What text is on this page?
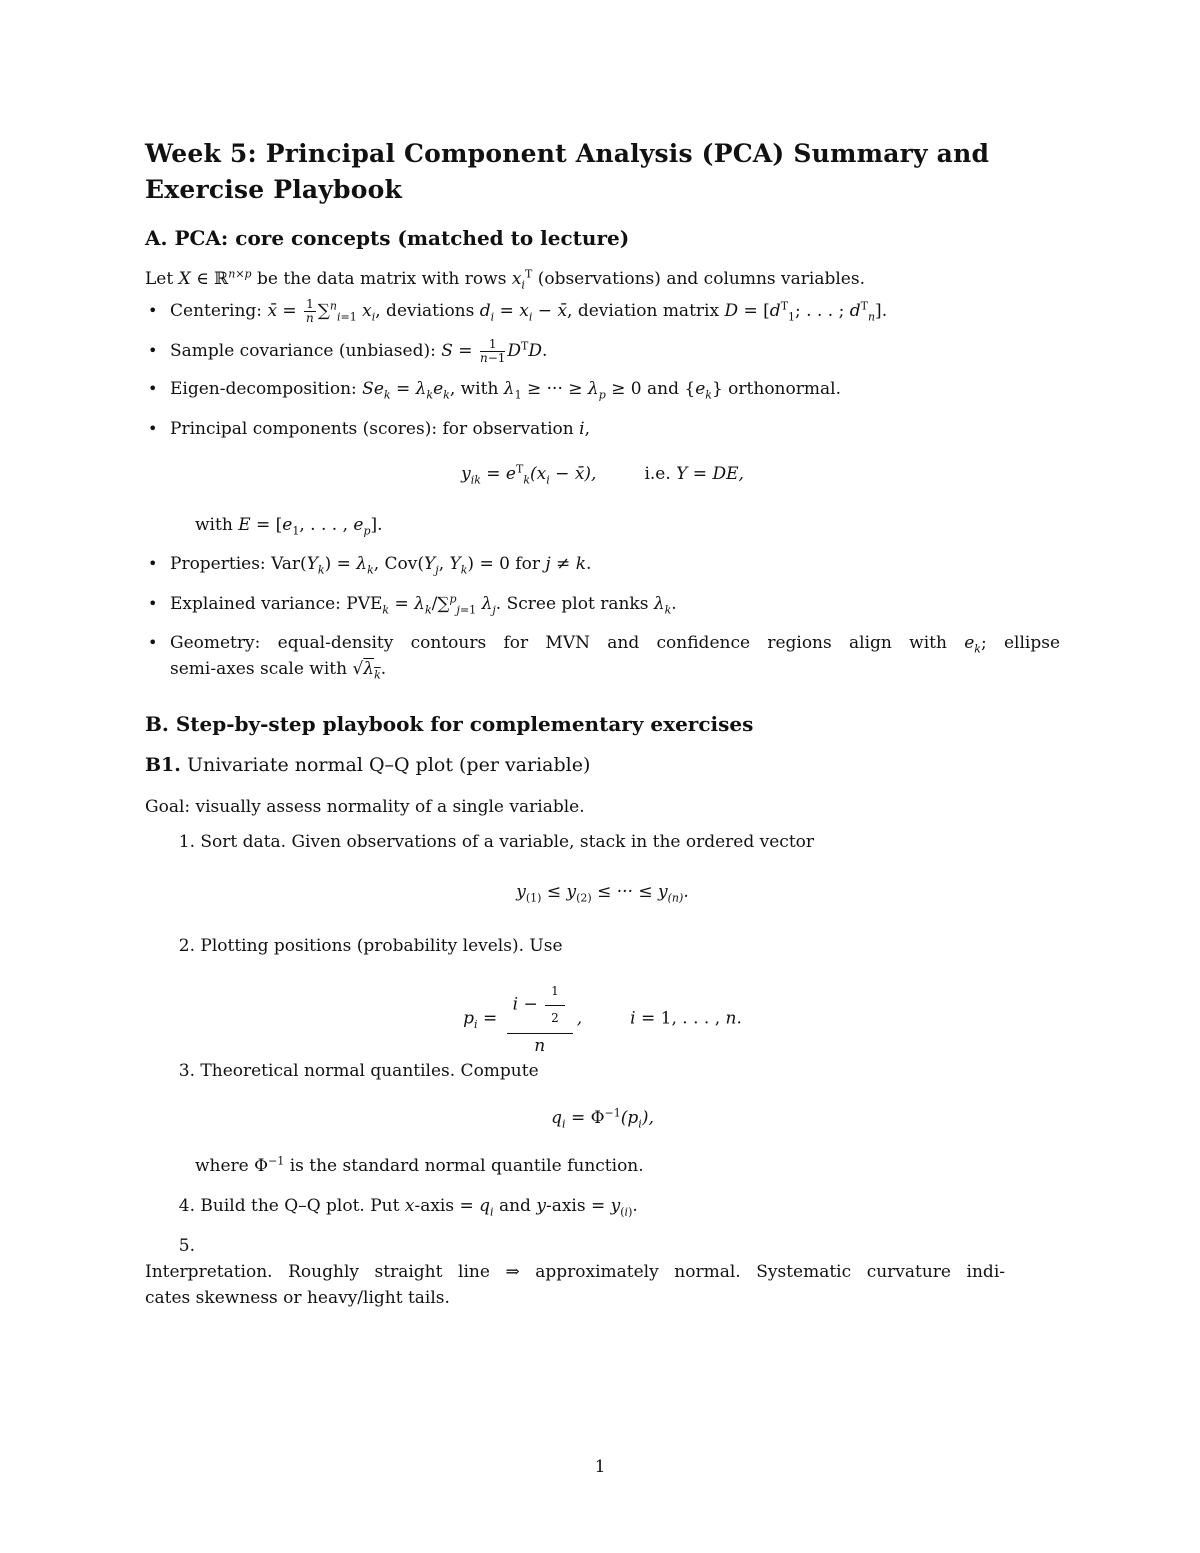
Week 5: Principal Component Analysis (PCA) Summary and Exercise Playbook
A. PCA: core concepts (matched to lecture)
Let X ∈ ℝ$^{n\times p}$ be the data matrix with rows $x_i^T$ (observations) and columns variables.
• Centering: x̄ = $\frac{1}{n} \sum^n_{i=1}$ $x_i$, deviations $d_i = x_i$ − x̄, deviation matrix $D = [d^T_1$; . . . ; $d^T_n$].
• Sample covariance (unbiased): $S = \frac{1}{n-1} D^TD$.
• Eigen-decomposition: $Se_k = \lambda_ke_k$, with $\lambda_1$ ≥ ··· ≥ $\lambda_p \ge 0$ and $\{e_k\}$ orthonormal.
• Principal components (scores): for observation i,
$y_{ik} = e^T_k(x_i$ − x̄),	i.e. Y = DE,
with $E = [e_1$, . . . , $e_p$].
• Properties: $Var(Y_k) = \lambda_k$, $Cov(Y_j$, $Y_k) = 0$ for j ≠ k.
• Explained variance: $PVE_k = \lambda_k/\sum^p_{j=1}$ $\lambda_j$. Scree plot ranks $\lambda_k$.
• Geometry: equal-density contours for MVN and confidence regions align with $e_k$; ellipse
semi-axes scale with $√\lambda_k$.
B. Step-by-step playbook for complementary exercises
B1. Univariate normal Q–Q plot (per variable)
Goal: visually assess normality of a single variable.
1. Sort data. Given observations of a variable, stack in the ordered vector
$y_{(1)} \le y_{(2)}$ ≤ ··· ≤ $y_{(n)}$.
2. Plotting positions (probability levels). Use
$p_i = \frac{i - \frac{1}{2}}{n}$ ,	i = 1, . . . , n.
3. Theoretical normal quantiles. Compute
$q_i = \Phi^{-1}(p_i)$,
where $\Phi^{-1}$ is the standard normal quantile function.
4. Build the Q–Q plot. Put x-axis = $q_i$ and y-axis = $y_{(i)}$.
5.
Interpretation. Roughly straight line ⇒ approximately normal. Systematic curvature indi-
cates skewness or heavy/light tails.
1
